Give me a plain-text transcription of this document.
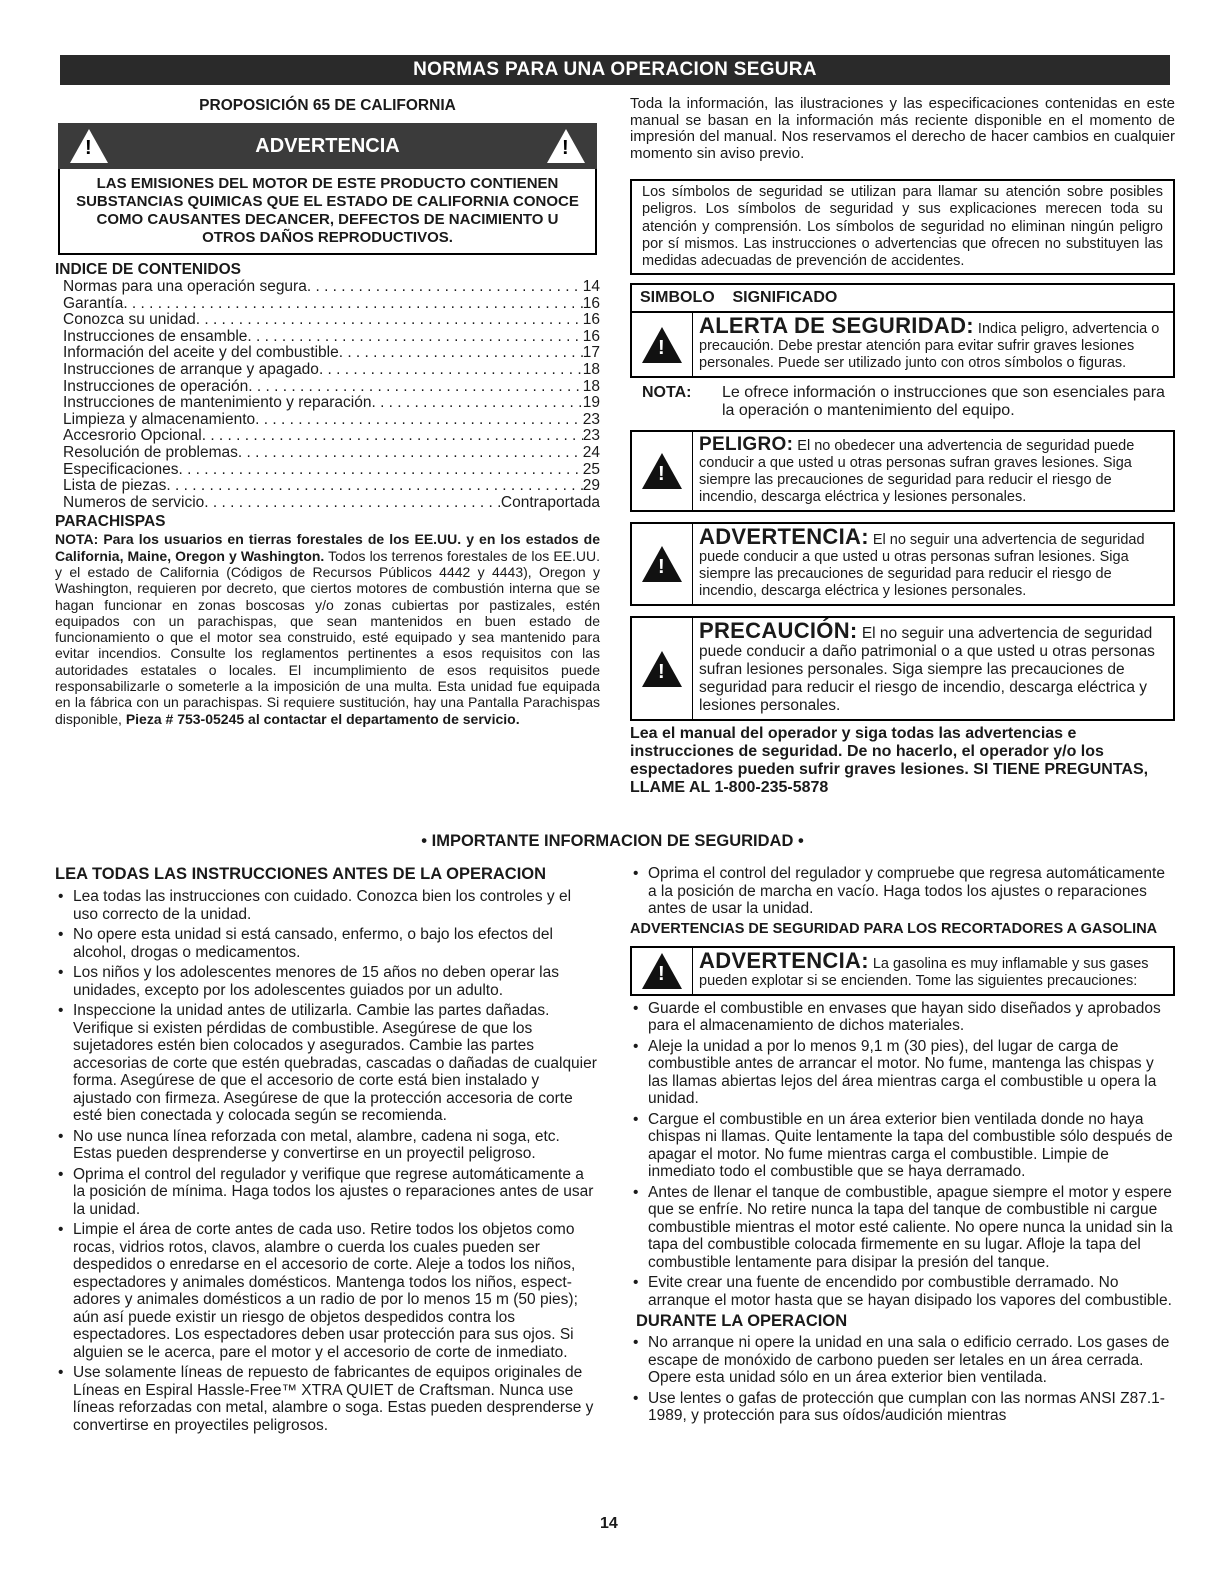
NORMAS PARA UNA OPERACION SEGURA
PROPOSICIÓN 65 DE CALIFORNIA
!	ADVERTENCIA	!
LAS EMISIONES DEL MOTOR DE ESTE PRODUCTO CONTIENEN SUBSTANCIAS QUIMICAS QUE EL ESTADO DE CALIFORNIA CONOCE COMO CAUSANTES DECANCER, DEFECTOS DE NACIMIENTO U OTROS DAÑOS REPRODUCTIVOS.
INDICE DE CONTENIDOS
Normas para una operación segura . . .	14
Garantía . . .	16
Conozca su unidad . . .	16
Instrucciones de ensamble . . .	16
Información del aceite y del combustible . . .	17
Instrucciones de arranque y apagado . . .	18
Instrucciones de operación . . .	18
Instrucciones de mantenimiento y reparación . . .	19
Limpieza y almacenamiento . . .	23
Accesrorio Opcional . . .	23
Resolución de problemas . . .	24
Especificaciones . . .	25
Lista de piezas . . .	29
Numeros de servicio . . .	Contraportada
PARACHISPAS
NOTA: Para los usuarios en tierras forestales de los EE.UU. y en los estados de California, Maine, Oregon y Washington. Todos los terrenos forestales de los EE.UU. y el estado de California (Códigos de Recursos Públicos 4442 y 4443), Oregon y Washington, requieren por decreto, que ciertos motores de combustión interna que se hagan funcionar en zonas boscosas y/o zonas cubiertas por pastizales, estén equipados con un parachispas, que sean mantenidos en buen estado de funcionamiento o que el motor sea construido, esté equipado y sea mantenido para evitar incendios. Consulte los reglamentos pertinentes a esos requisitos con las autoridades estatales o locales. El incumplimiento de esos requisitos puede responsabilizarle o someterle a la imposición de una multa. Esta unidad fue equipada en la fábrica con un parachispas. Si requiere sustitución, hay una Pantalla Parachispas disponible, Pieza # 753-05245 al contactar el departamento de servicio.
Toda la información, las ilustraciones y las especificaciones contenidas en este manual se basan en la información más reciente disponible en el momento de impresión del manual. Nos reservamos el derecho de hacer cambios en cualquier momento sin aviso previo.
Los símbolos de seguridad se utilizan para llamar su atención sobre posibles peligros. Los símbolos de seguridad y sus explicaciones merecen toda su atención y comprensión. Los símbolos de seguridad no eliminan ningún peligro por sí mismos. Las instrucciones o advertencias que ofrecen no substituyen las medidas adecuadas de prevención de accidentes.
SIMBOLO    SIGNIFICADO
!
ALERTA DE SEGURIDAD: Indica peligro, advertencia o precaución. Debe prestar atención para evitar sufrir graves lesiones personales. Puede ser utilizado junto con otros símbolos o figuras.
NOTA:	Le ofrece información o instrucciones que son esenciales para la operación o mantenimiento del equipo.
!
PELIGRO: El no obedecer una advertencia de seguridad puede conducir a que usted u otras personas sufran graves lesiones. Siga siempre las precauciones de seguridad para reducir el riesgo de incendio, descarga eléctrica y lesiones personales.
!
ADVERTENCIA: El no seguir una advertencia de seguridad puede conducir a que usted u otras personas sufran lesiones. Siga siempre las precauciones de seguridad para reducir el riesgo de incendio, descarga eléctrica y lesiones personales.
!
PRECAUCIÓN: El no seguir una advertencia de seguridad puede conducir a daño patrimonial o a que usted u otras personas sufran lesiones personales. Siga siempre las precauciones de seguridad para reducir el riesgo de incendio, descarga eléctrica y lesiones personales.
Lea el manual del operador y siga todas las advertencias e instrucciones de seguridad. De no hacerlo, el operador y/o los espectadores pueden sufrir graves lesiones. SI TIENE PREGUNTAS, LLAME AL 1-800-235-5878
• IMPORTANTE INFORMACION DE SEGURIDAD •
LEA TODAS LAS INSTRUCCIONES ANTES DE LA OPERACION
• Lea todas las instrucciones con cuidado. Conozca bien los controles y el uso correcto de la unidad.
• No opere esta unidad si está cansado, enfermo, o bajo los efectos del alcohol, drogas o medicamentos.
• Los niños y los adolescentes menores de 15 años no deben operar las unidades, excepto por los adolescentes guiados por un adulto.
• Inspeccione la unidad antes de utilizarla. Cambie las partes dañadas. Verifique si existen pérdidas de combustible. Asegúrese de que los sujetadores estén bien colocados y asegurados. Cambie las partes accesorias de corte que estén quebradas, cascadas o dañadas de cualquier forma. Asegúrese de que el accesorio de corte está bien instalado y ajustado con firmeza. Asegúrese de que la protección accesoria de corte esté bien conectada y colocada según se recomienda.
• No use nunca línea reforzada con metal, alambre, cadena ni soga, etc. Estas pueden desprenderse y convertirse en un proyectil peligroso.
• Oprima el control del regulador y verifique que regrese automáticamente a la posición de mínima. Haga todos los ajustes o reparaciones antes de usar la unidad.
• Limpie el área de corte antes de cada uso. Retire todos los objetos como rocas, vidrios rotos, clavos, alambre o cuerda los cuales pueden ser despedidos o enredarse en el accesorio de corte. Aleje a todos los niños, espectadores y animales domésticos. Mantenga todos los niños, espect-adores y animales domésticos a un radio de por lo menos 15 m (50 pies); aún así puede existir un riesgo de objetos despedidos contra los espectadores. Los espectadores deben usar protección para sus ojos. Si alguien se le acerca, pare el motor y el accesorio de corte de inmediato.
• Use solamente líneas de repuesto de fabricantes de equipos originales de Líneas en Espiral Hassle-Free™ XTRA QUIET de Craftsman. Nunca use líneas reforzadas con metal, alambre o soga. Estas pueden desprenderse y convertirse en proyectiles peligrosos.
• Oprima el control del regulador y compruebe que regresa automáticamente a la posición de marcha en vacío. Haga todos los ajustes o reparaciones antes de usar la unidad.
ADVERTENCIAS DE SEGURIDAD PARA LOS RECORTADORES A GASOLINA
!
ADVERTENCIA: La gasolina es muy inflamable y sus gases pueden explotar si se encienden. Tome las siguientes precauciones:
• Guarde el combustible en envases que hayan sido diseñados y aprobados para el almacenamiento de dichos materiales.
• Aleje la unidad a por lo menos 9,1 m (30 pies), del lugar de carga de combustible antes de arrancar el motor. No fume, mantenga las chispas y las llamas abiertas lejos del área mientras carga el combustible u opera la unidad.
• Cargue el combustible en un área exterior bien ventilada donde no haya chispas ni llamas. Quite lentamente la tapa del combustible sólo después de apagar el motor. No fume mientras carga el combustible. Limpie de inmediato todo el combustible que se haya derramado.
• Antes de llenar el tanque de combustible, apague siempre el motor y espere que se enfríe. No retire nunca la tapa del tanque de combustible ni cargue combustible mientras el motor esté caliente. No opere nunca la unidad sin la tapa del combustible colocada firmemente en su lugar. Afloje la tapa del combustible lentamente para disipar la presión del tanque.
• Evite crear una fuente de encendido por combustible derramado. No arranque el motor hasta que se hayan disipado los vapores del combustible.
DURANTE LA OPERACION
• No arranque ni opere la unidad en una sala o edificio cerrado. Los gases de escape de monóxido de carbono pueden ser letales en un área cerrada. Opere esta unidad sólo en un área exterior bien ventilada.
• Use lentes o gafas de protección que cumplan con las normas ANSI Z87.1-1989, y protección para sus oídos/audición mientras
14
